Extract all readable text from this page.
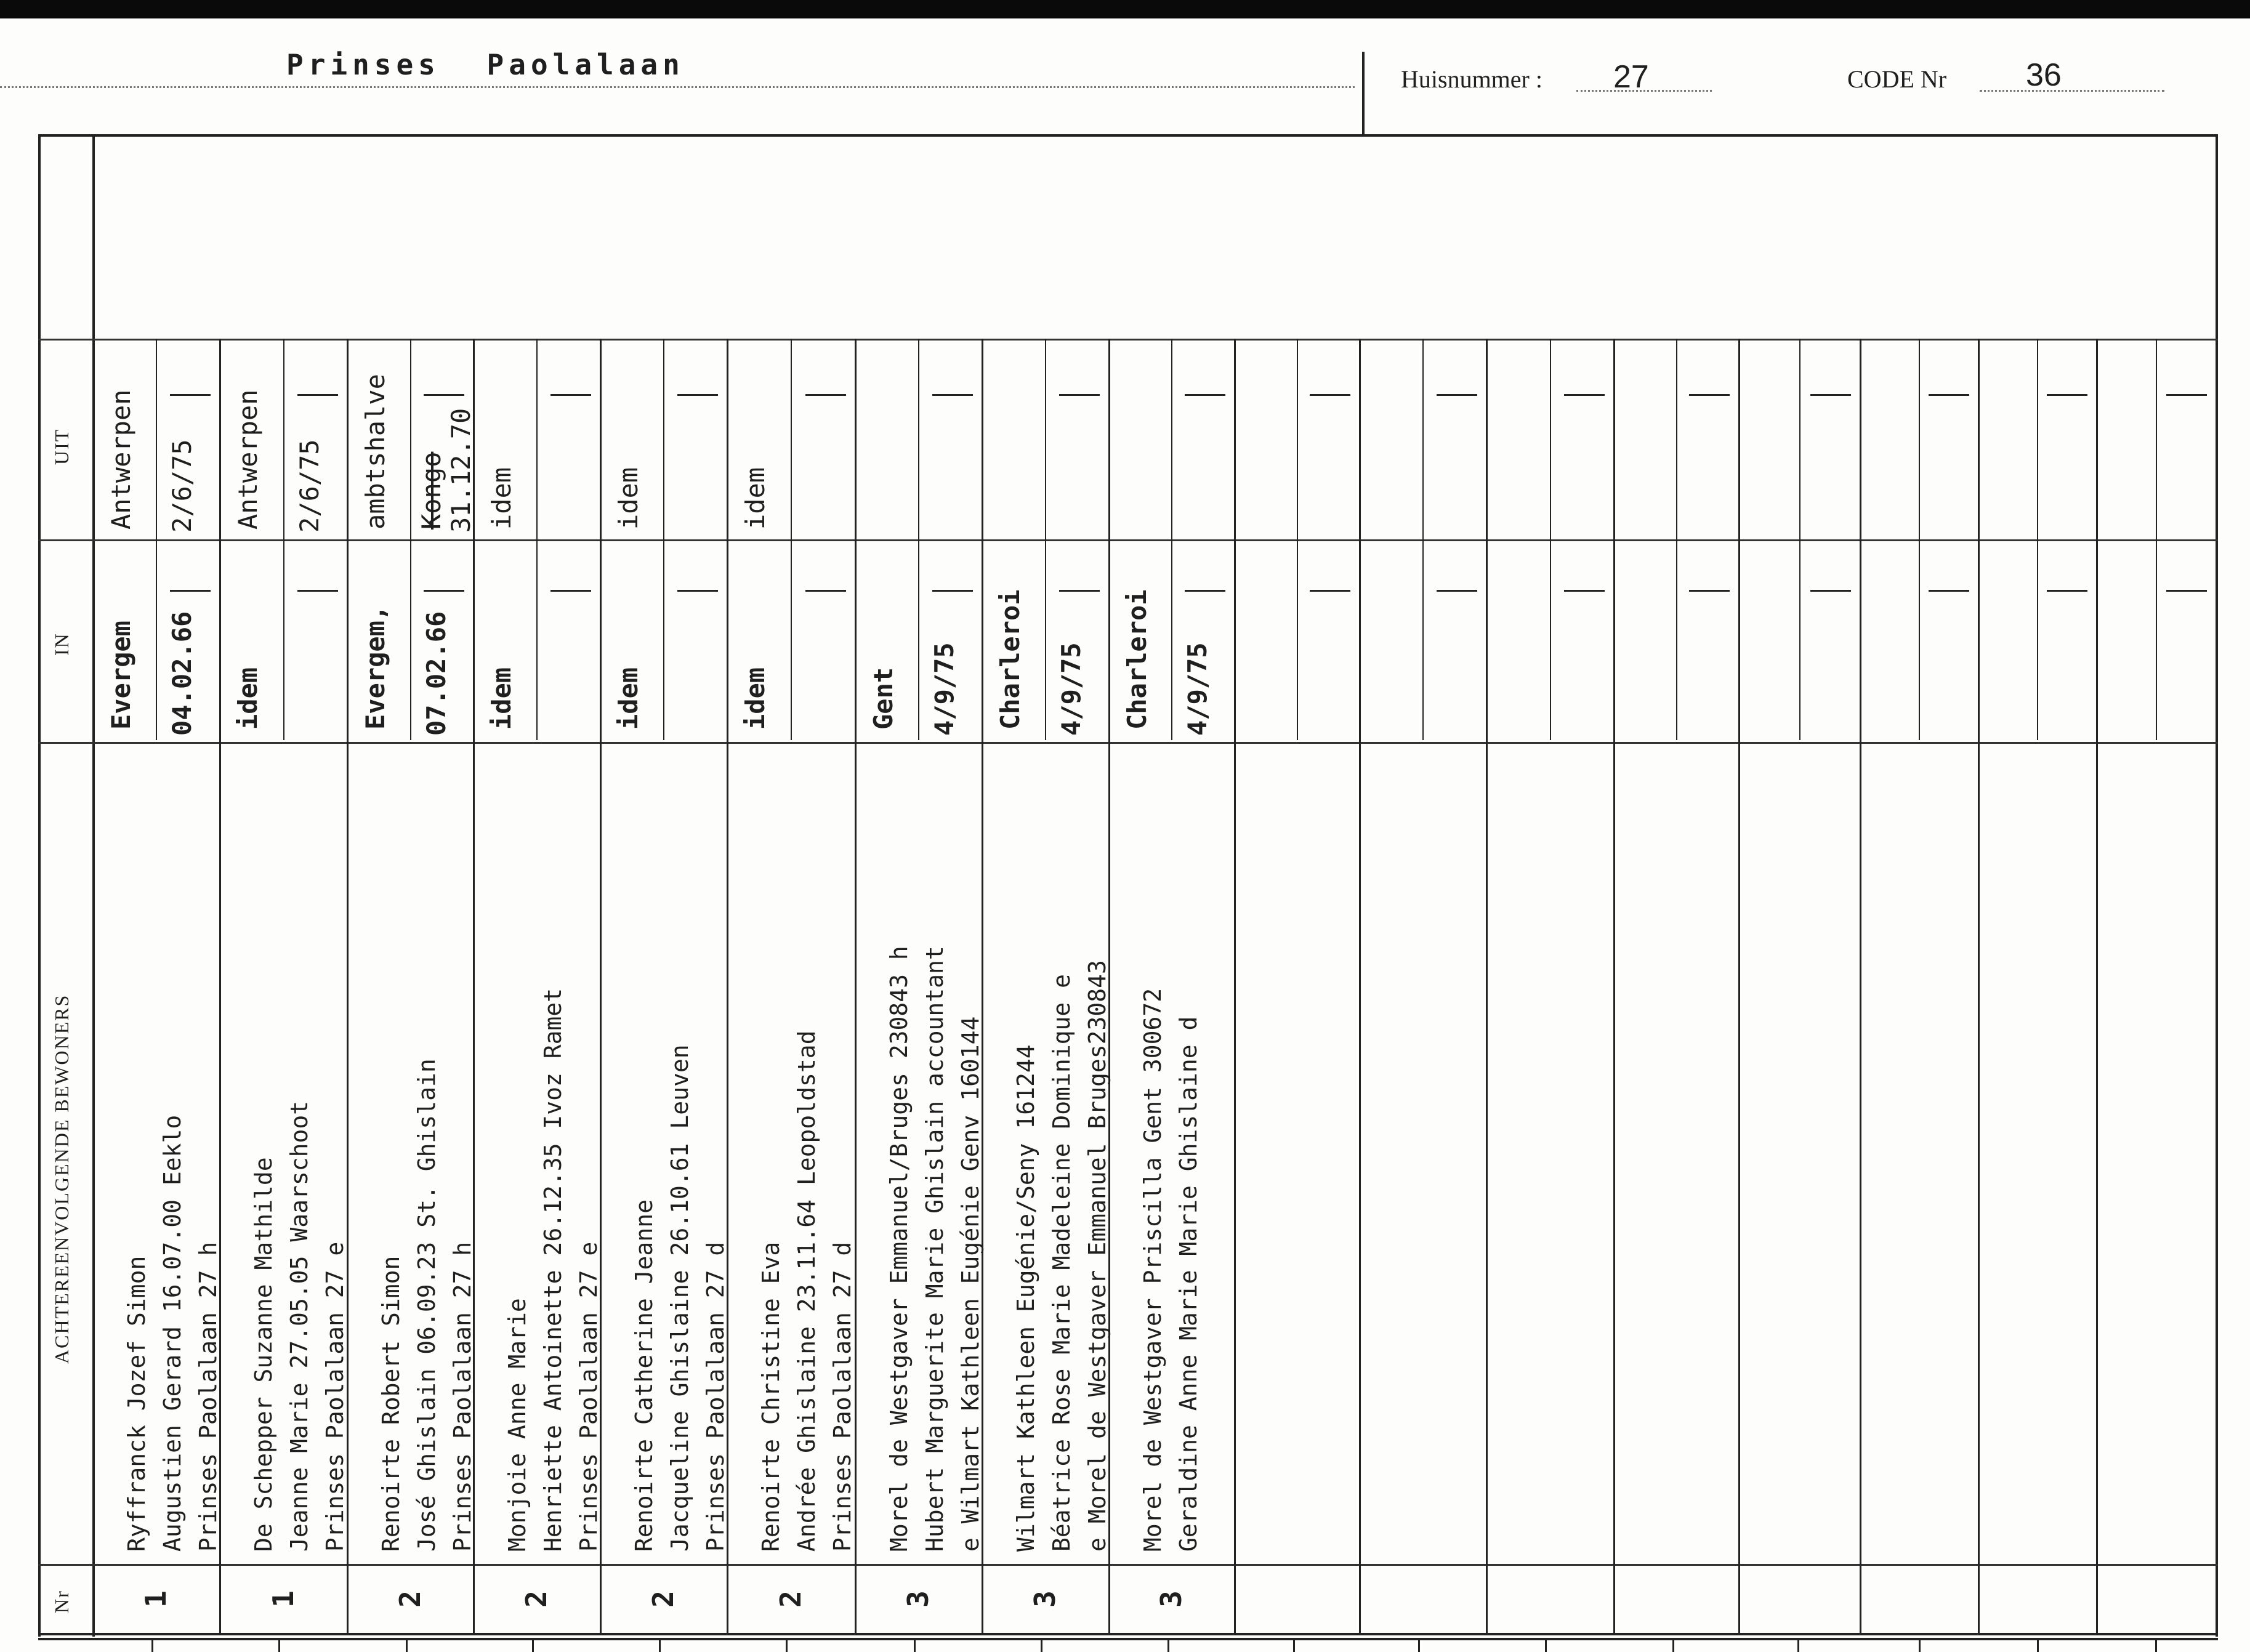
Prinses Paolalaan	Huisnummer : 27	CODE Nr 36
UIT
IN
ACHTEREENVOLGENDE BEWONERS
Nr
Antwerpen 2/6/75
Evergem 04.02.66
Ryffranck Jozef Simon Augustien Gerard 16.07.00 Eeklo Prinses Paolalaan 27 h
1
Antwerpen 2/6/75
idem
De Schepper Suzanne Mathilde Jeanne Marie 27.05.05 Waarschoot Prinses Paolalaan 27 e
1
ambtshalve Kongo 31.12.70
Evergem, 07.02.66
Renoirte Robert Simon José Ghislain 06.09.23 St. Ghislain Prinses Paolalaan 27 h
2
idem
idem
Monjoie Anne Marie Henriette Antoinette 26.12.35 Ivoz Ramet Prinses Paolalaan 27 e
2
idem
idem
Renoirte Catherine Jeanne Jacqueline Ghislaine 26.10.61 Leuven Prinses Paolalaan 27 d
2
idem
idem
Renoirte Christine Eva Andrée Ghislaine 23.11.64 Leopoldstad Prinses Paolalaan 27 d
2
Gent 4/9/75
Morel de Westgaver Emmanuel/Bruges 230843 h Hubert Marguerite Marie Ghislain accountant e Wilmart Kathleen Eugénie Genv 160144
3
Charleroi 4/9/75
Wilmart Kathleen Eugénie/Seny 161244 Béatrice Rose Marie Madeleine Dominique e e Morel de Westgaver Emmanuel Bruges230843
3
Charleroi 4/9/75
Morel de Westgaver Priscilla Gent 300672 Geraldine Anne Marie Marie Ghislaine d
3
